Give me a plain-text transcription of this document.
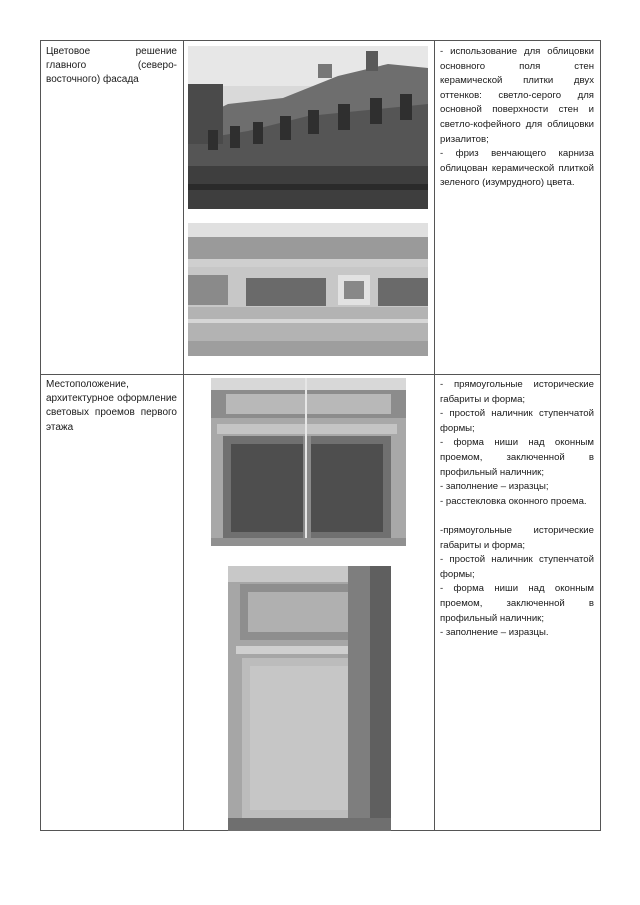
Цветовое решение главного (северо-восточного) фасада

- использование для облицовки основного поля стен керамической плитки двух оттенков: светло-серого для основной поверхности стен и светло-кофейного для облицовки ризалитов;

- фриз венчающего карниза облицован керамической плиткой зеленого (изумрудного) цвета.

Местоположение, архитектурное оформление световых проемов первого этажа

- прямоугольные исторические габариты и форма;

- простой наличник ступенчатой формы;

- форма ниши над оконным проемом, заключенной в профильный наличник;

- заполнение – изразцы;

- расстекловка оконного проема.

-прямоугольные исторические габариты и форма;

- простой наличник ступенчатой формы;

- форма ниши над оконным проемом, заключенной в профильный наличник;

- заполнение – изразцы.
